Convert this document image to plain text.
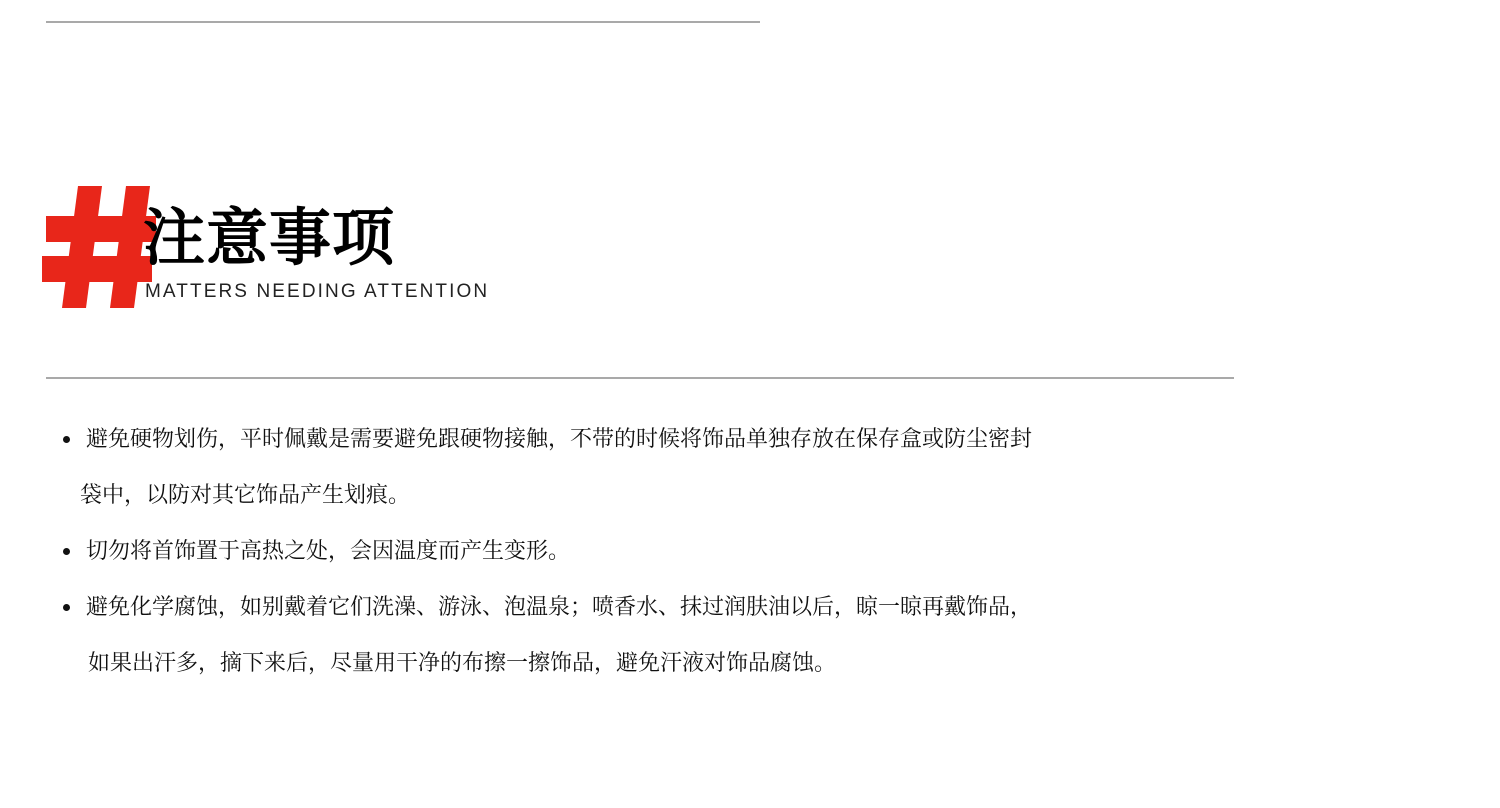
注意事项
MATTERS NEEDING ATTENTION
避免硬物划伤，平时佩戴是需要避免跟硬物接触，不带的时候将饰品单独存放在保存盒或防尘密封
袋中，以防对其它饰品产生划痕。
切勿将首饰置于高热之处，会因温度而产生变形。
避免化学腐蚀，如别戴着它们洗澡、游泳、泡温泉；喷香水、抹过润肤油以后，晾一晾再戴饰品，
如果出汗多，摘下来后，尽量用干净的布擦一擦饰品，避免汗液对饰品腐蚀。
